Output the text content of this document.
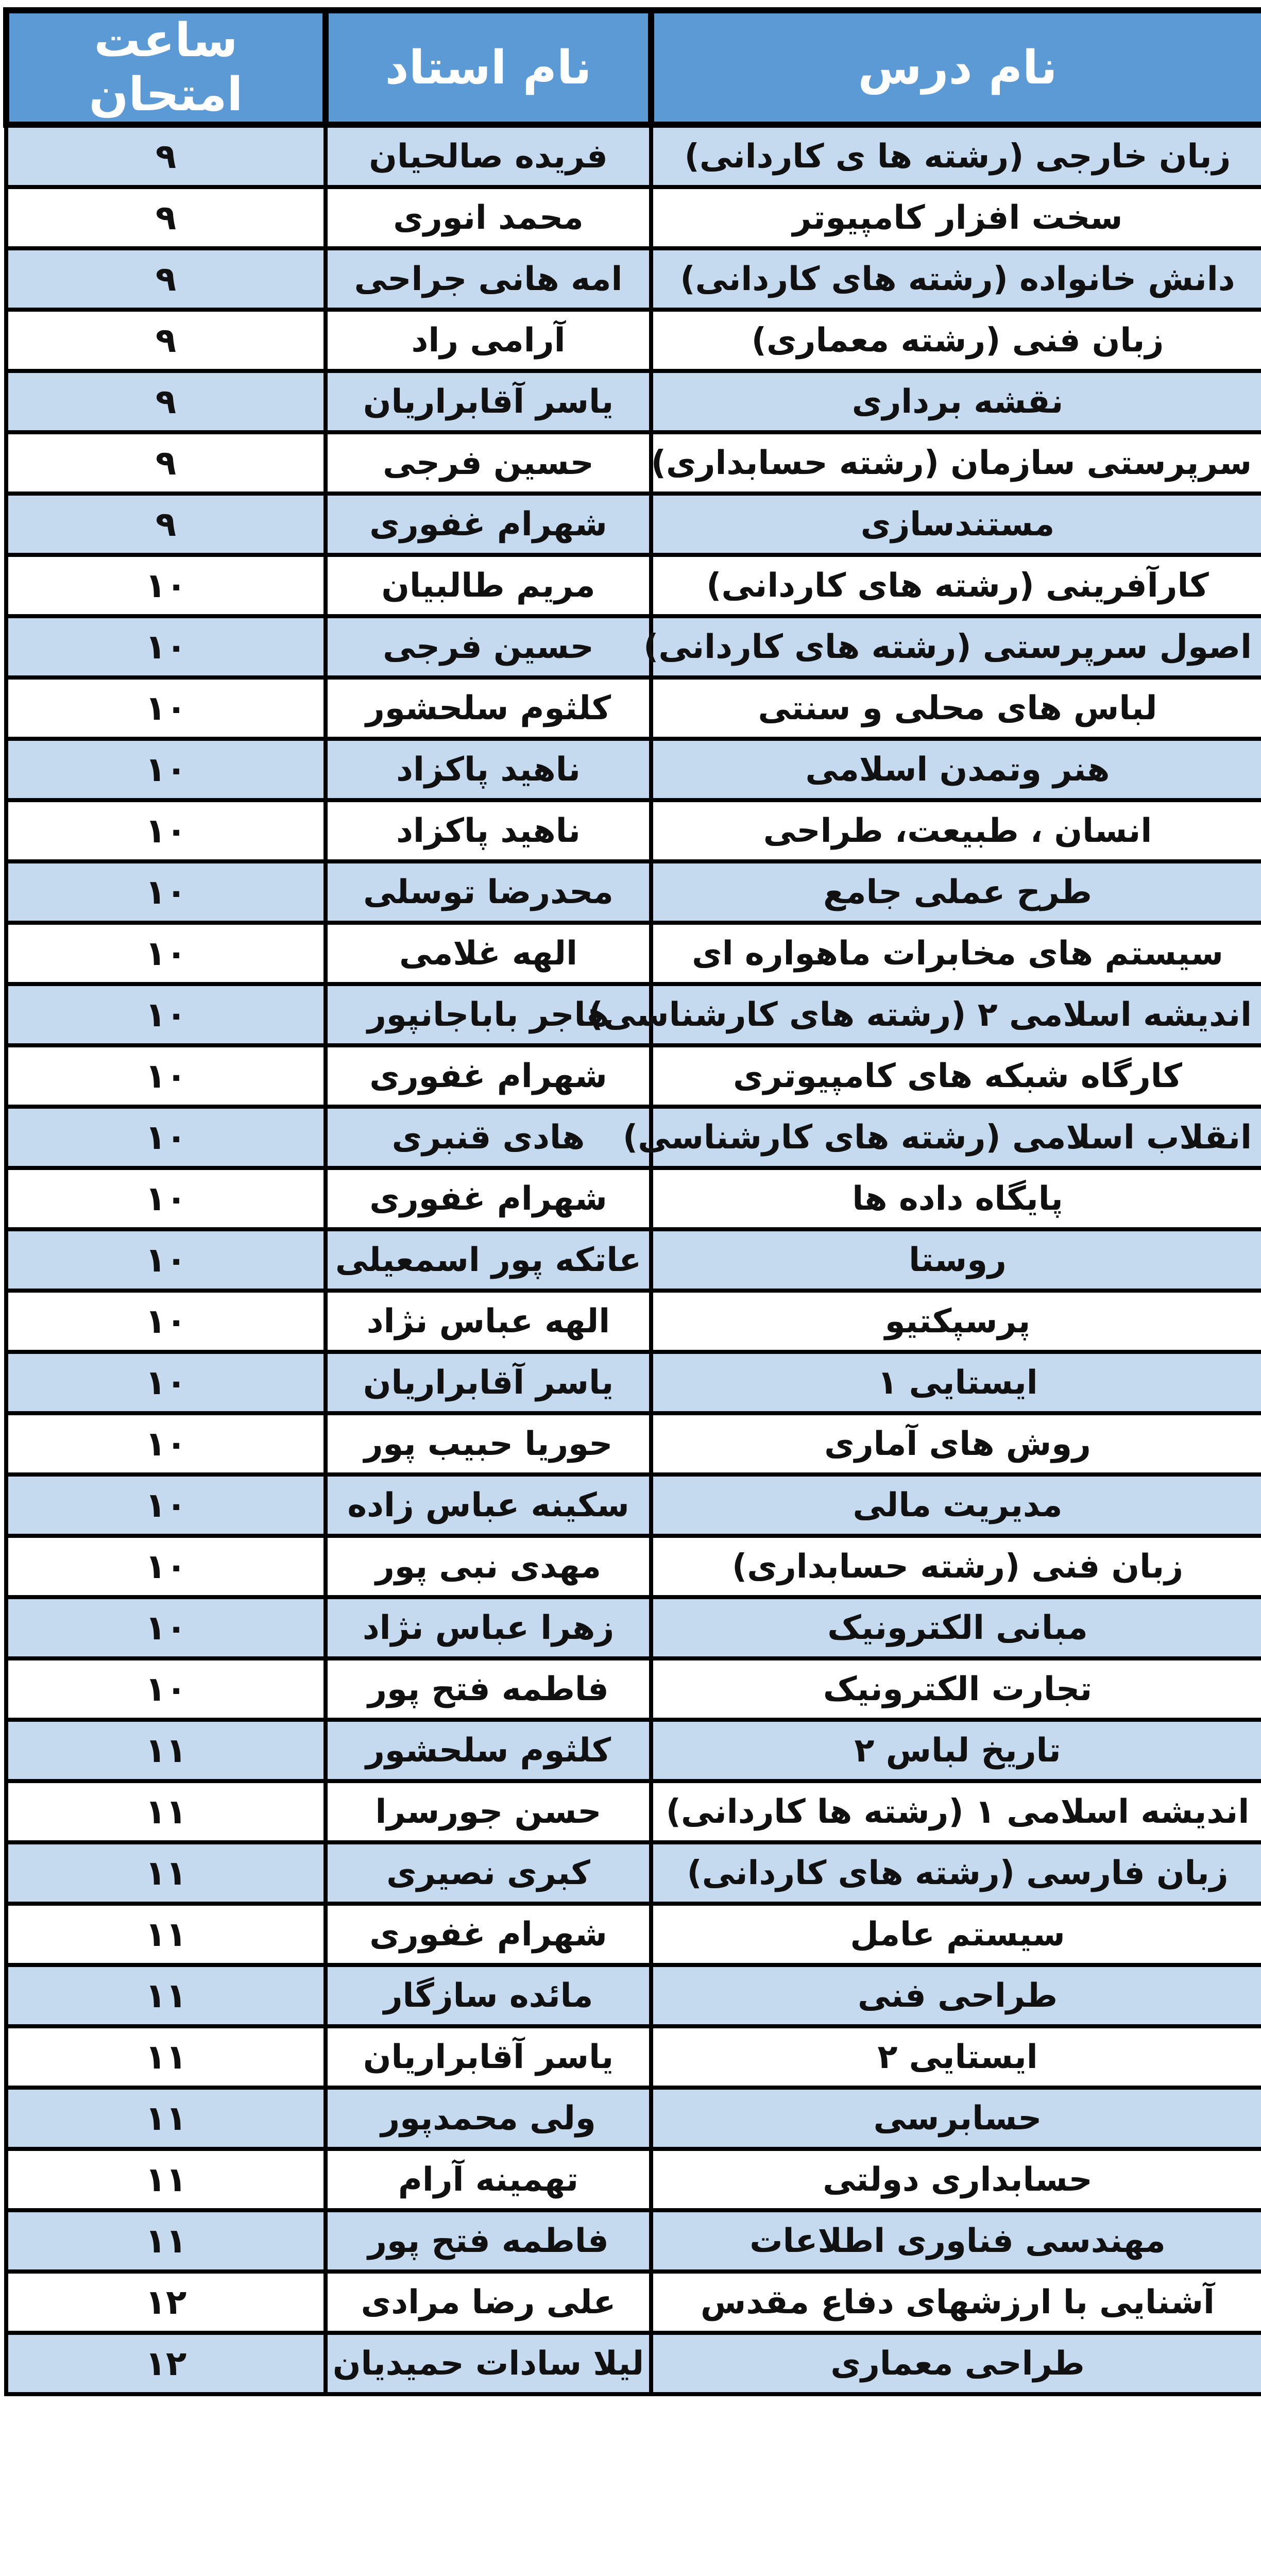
نام درس	نام استاد	ساعت امتحان
زبان خارجی (رشته ها ی کاردانی)	فریده صالحیان	۹
سخت افزار کامپیوتر	محمد انوری	۹
دانش خانواده (رشته های کاردانی)	امه هانی جراحی	۹
زبان فنی (رشته معماری)	آرامی راد	۹
نقشه برداری	یاسر آقابراریان	۹
سرپرستی سازمان (رشته حسابداری)	حسین فرجی	۹
مستندسازی	شهرام غفوری	۹
کارآفرینی (رشته های کاردانی)	مریم طالبیان	۱۰
اصول سرپرستی (رشته های کاردانی)	حسین فرجی	۱۰
لباس های محلی و سنتی	کلثوم سلحشور	۱۰
هنر وتمدن اسلامی	ناهید پاکزاد	۱۰
انسان ، طبیعت، طراحی	ناهید پاکزاد	۱۰
طرح عملی جامع	محدرضا توسلی	۱۰
سیستم های مخابرات ماهواره ای	الهه غلامی	۱۰
اندیشه اسلامی ۲ (رشته های کارشناسی)	هاجر باباجانپور	۱۰
کارگاه شبکه های کامپیوتری	شهرام غفوری	۱۰
انقلاب اسلامی (رشته های کارشناسی)	هادی قنبری	۱۰
پایگاه داده ها	شهرام غفوری	۱۰
روستا	عاتکه پور اسمعیلی	۱۰
پرسپکتیو	الهه عباس نژاد	۱۰
ایستایی ۱	یاسر آقابراریان	۱۰
روش های آماری	حوریا حبیب پور	۱۰
مدیریت مالی	سکینه عباس زاده	۱۰
زبان فنی (رشته حسابداری)	مهدی نبی پور	۱۰
مبانی الکترونیک	زهرا عباس نژاد	۱۰
تجارت الکترونیک	فاطمه فتح پور	۱۰
تاریخ لباس ۲	کلثوم سلحشور	۱۱
اندیشه اسلامی ۱ (رشته ها کاردانی)	حسن جورسرا	۱۱
زبان فارسی (رشته های کاردانی)	کبری نصیری	۱۱
سیستم عامل	شهرام غفوری	۱۱
طراحی فنی	مائده سازگار	۱۱
ایستایی ۲	یاسر آقابراریان	۱۱
حسابرسی	ولی محمدپور	۱۱
حسابداری دولتی	تهمینه آرام	۱۱
مهندسی فناوری اطلاعات	فاطمه فتح پور	۱۱
آشنایی با ارزشهای دفاع مقدس	علی رضا مرادی	۱۲
طراحی معماری	لیلا سادات حمیدیان	۱۲
